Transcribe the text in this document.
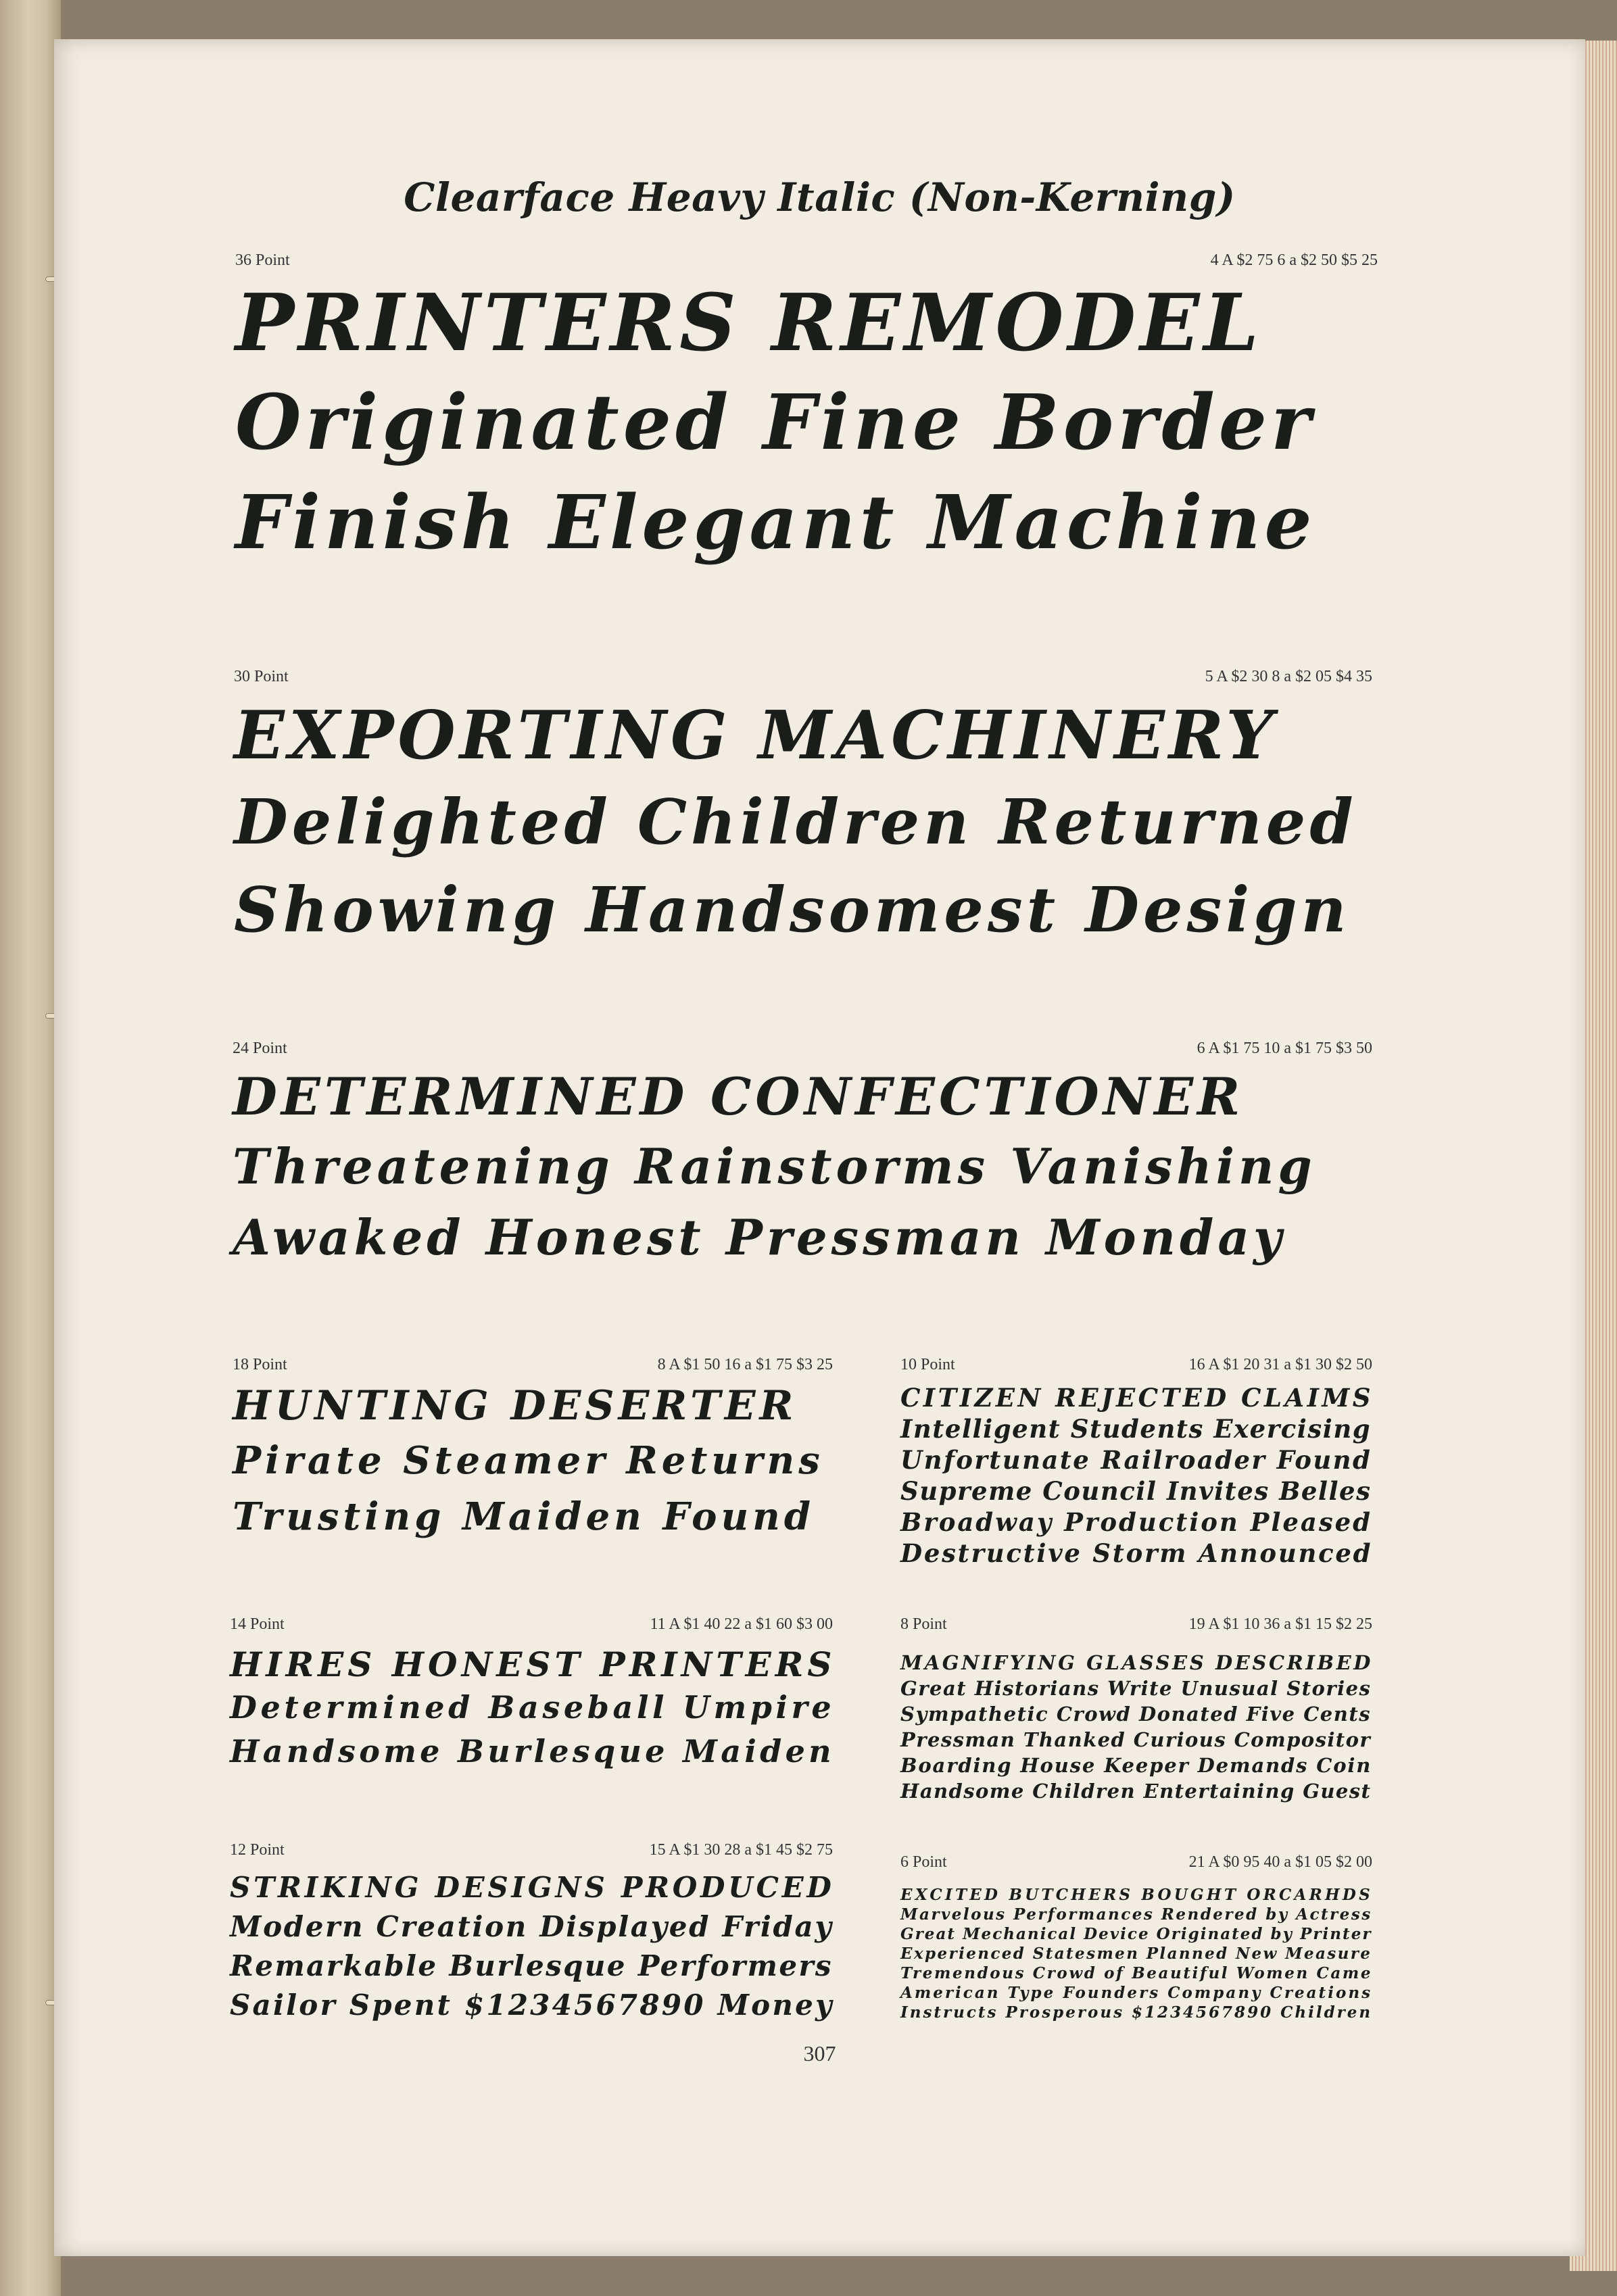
Clearface Heavy Italic (Non-Kerning)
36 Point	4 A $2 75 6 a $2 50 $5 25
PRINTERS REMODEL
Originated Fine Border
Finish Elegant Machine
30 Point	5 A $2 30 8 a $2 05 $4 35
EXPORTING MACHINERY
Delighted Children Returned
Showing Handsomest Design
24 Point	6 A $1 75 10 a $1 75 $3 50
DETERMINED CONFECTIONER
Threatening Rainstorms Vanishing
Awaked Honest Pressman Monday
18 Point	8 A $1 50 16 a $1 75 $3 25
HUNTING DESERTER
Pirate Steamer Returns
Trusting Maiden Found
10 Point	16 A $1 20 31 a $1 30 $2 50
CITIZEN REJECTED CLAIMS
Intelligent Students Exercising
Unfortunate Railroader Found
Supreme Council Invites Belles
Broadway Production Pleased
Destructive Storm Announced
14 Point	11 A $1 40 22 a $1 60 $3 00
HIRES HONEST PRINTERS
Determined Baseball Umpire
Handsome Burlesque Maiden
8 Point	19 A $1 10 36 a $1 15 $2 25
MAGNIFYING GLASSES DESCRIBED
Great Historians Write Unusual Stories
Sympathetic Crowd Donated Five Cents
Pressman Thanked Curious Compositor
Boarding House Keeper Demands Coin
Handsome Children Entertaining Guest
12 Point	15 A $1 30 28 a $1 45 $2 75
STRIKING DESIGNS PRODUCED
Modern Creation Displayed Friday
Remarkable Burlesque Performers
Sailor Spent $1234567890 Money
6 Point	21 A $0 95 40 a $1 05 $2 00
EXCITED BUTCHERS BOUGHT ORCARHDS
Marvelous Performances Rendered by Actress
Great Mechanical Device Originated by Printer
Experienced Statesmen Planned New Measure
Tremendous Crowd of Beautiful Women Came
American Type Founders Company Creations
Instructs Prosperous $1234567890 Children
307
